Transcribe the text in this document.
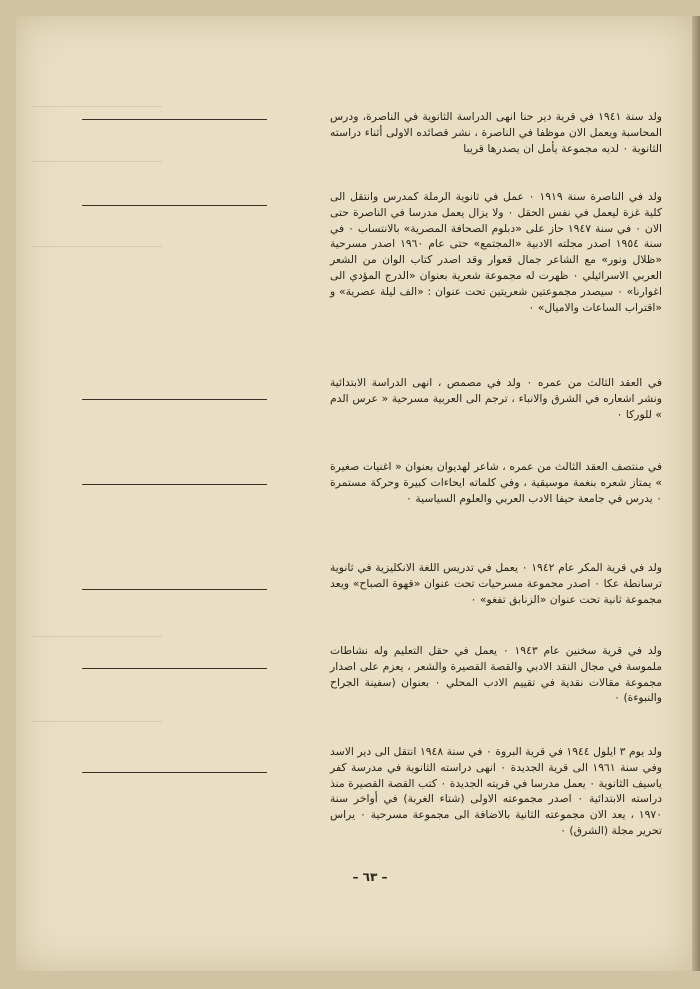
ولد سنة ١٩٤١ في قرية دير حنا انهى الدراسة الثانوية في الناصرة، ودرس المحاسبة ويعمل الان موظفا في الناصرة ، نشر قصائده الاولى أثناء دراسته الثانوية ٠ لديه مجموعة يأمل ان يصدرها قريبا
ولد في الناصرة سنة ١٩١٩ ٠ عمل في ثانوية الرملة كمدرس وانتقل الى كلية غزة ليعمل في نفس الحقل ٠ ولا يزال يعمل مدرسا في الناصرة حتى الان ٠ في سنة ١٩٤٧ حاز على «دبلوم الصحافة المصرية» بالانتساب ٠ في سنة ١٩٥٤ اصدر مجلته الادبية «المجتمع» حتى عام ١٩٦٠ اصدر مسرحية «ظلال ونور» مع الشاعر جمال قعوار وقد اصدر كتاب الوان من الشعر العربي الاسرائيلي ٠ ظهرت له مجموعة شعرية بعنوان «الدرج المؤدي الى اغوارنا» ٠ سيصدر مجموعتين شعريتين تحت عنوان : «الف ليلة عصرية» و «اقتراب الساعات والاميال» ٠
في العقد الثالث من عمره ٠ ولد في مصمص ، انهى الدراسة الابتدائية ونشر اشعاره في الشرق والانباء ، ترجم الى العربية مسرحية « عرس الدم » للوركا ٠
في منتصف العقد الثالث من عمره ، شاعر لهديوان بعنوان « اغنيات صغيرة » يمتاز شعره بنغمة موسيقية ، وفي كلماته ايحاءات كبيرة وحركة مستمرة ٠ يدرس في جامعة حيفا الادب العربي والعلوم السياسية ٠
ولد في قرية المكر عام ١٩٤٢ ٠ يعمل في تدريس اللغة الانكليزية في ثانوية ترسانطة عكا ٠ اصدر مجموعة مسرحيات تحت عنوان «قهوة الصباح» ويعد مجموعة ثانية تحت عنوان «الزنابق تفغو» ٠
ولد في قرية سخنين عام ١٩٤٣ ٠ يعمل في حقل التعليم وله نشاطات ملموسة في مجال النقد الادبي والقصة القصيرة والشعر ، يعزم على اصدار مجموعة مقالات نقدية في تقييم الادب المحلي ٠ بعنوان (سفينة الجراح والنبوءة) ٠
ولد يوم ٣ ايلول ١٩٤٤ في قرية البروة ٠ في سنة ١٩٤٨ انتقل الى دير الاسد وفي سنة ١٩٦١ الى قرية الجديدة ٠ انهى دراسته الثانوية في مدرسة كفر ياسيف الثانوية ٠ يعمل مدرسا في قريته الجديدة ٠ كتب القصة القصيرة منذ دراسته الابتدائية ٠ اصدر مجموعته الاولى (شتاء الغربة) في أواخر سنة ١٩٧٠ ، يعد الان مجموعته الثانية بالاضافة الى مجموعة مسرحية ٠ يراس تحرير مجلة (الشرق) ٠
– ٦٣ –
